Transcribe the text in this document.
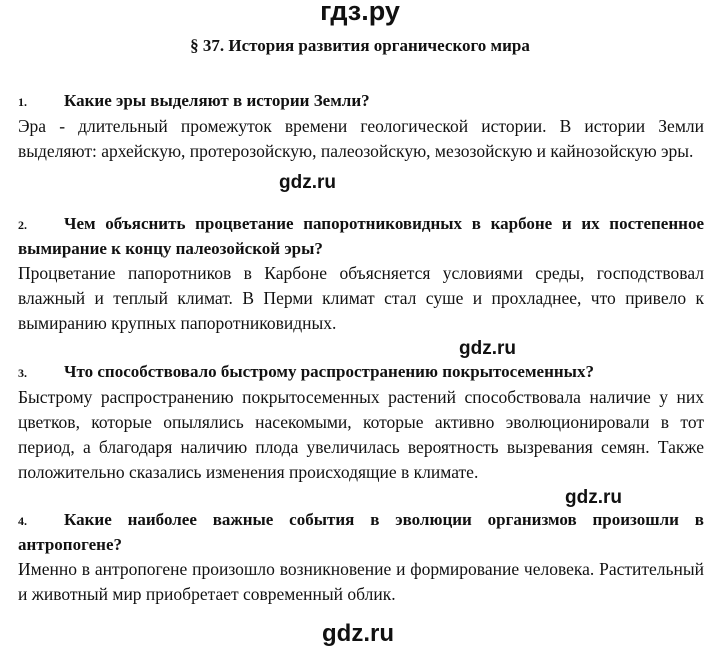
гдз.ру
§ 37. История развития органического мира
1. Какие эры выделяют в истории Земли?
Эра - длительный промежуток времени геологической истории. В истории Земли выделяют: архейскую, протерозойскую, палеозойскую, мезозойскую и кайнозойскую эры.
gdz.ru
2. Чем объяснить процветание папоротниковидных в карбоне и их постепенное вымирание к концу палеозойской эры?
Процветание папоротников в Карбоне объясняется условиями среды, господствовал влажный и теплый климат. В Перми климат стал суше и прохладнее, что привело к вымиранию крупных папоротниковидных.
gdz.ru
3. Что способствовало быстрому распространению покрытосеменных?
Быстрому распространению покрытосеменных растений способствовала наличие у них цветков, которые опылялись насекомыми, которые активно эволюционировали в тот период, а благодаря наличию плода увеличилась вероятность вызревания семян. Также положительно сказались изменения происходящие в климате.
gdz.ru
4. Какие наиболее важные события в эволюции организмов произошли в антропогене?
Именно в антропогене произошло возникновение и формирование человека. Растительный и животный мир приобретает современный облик.
gdz.ru
